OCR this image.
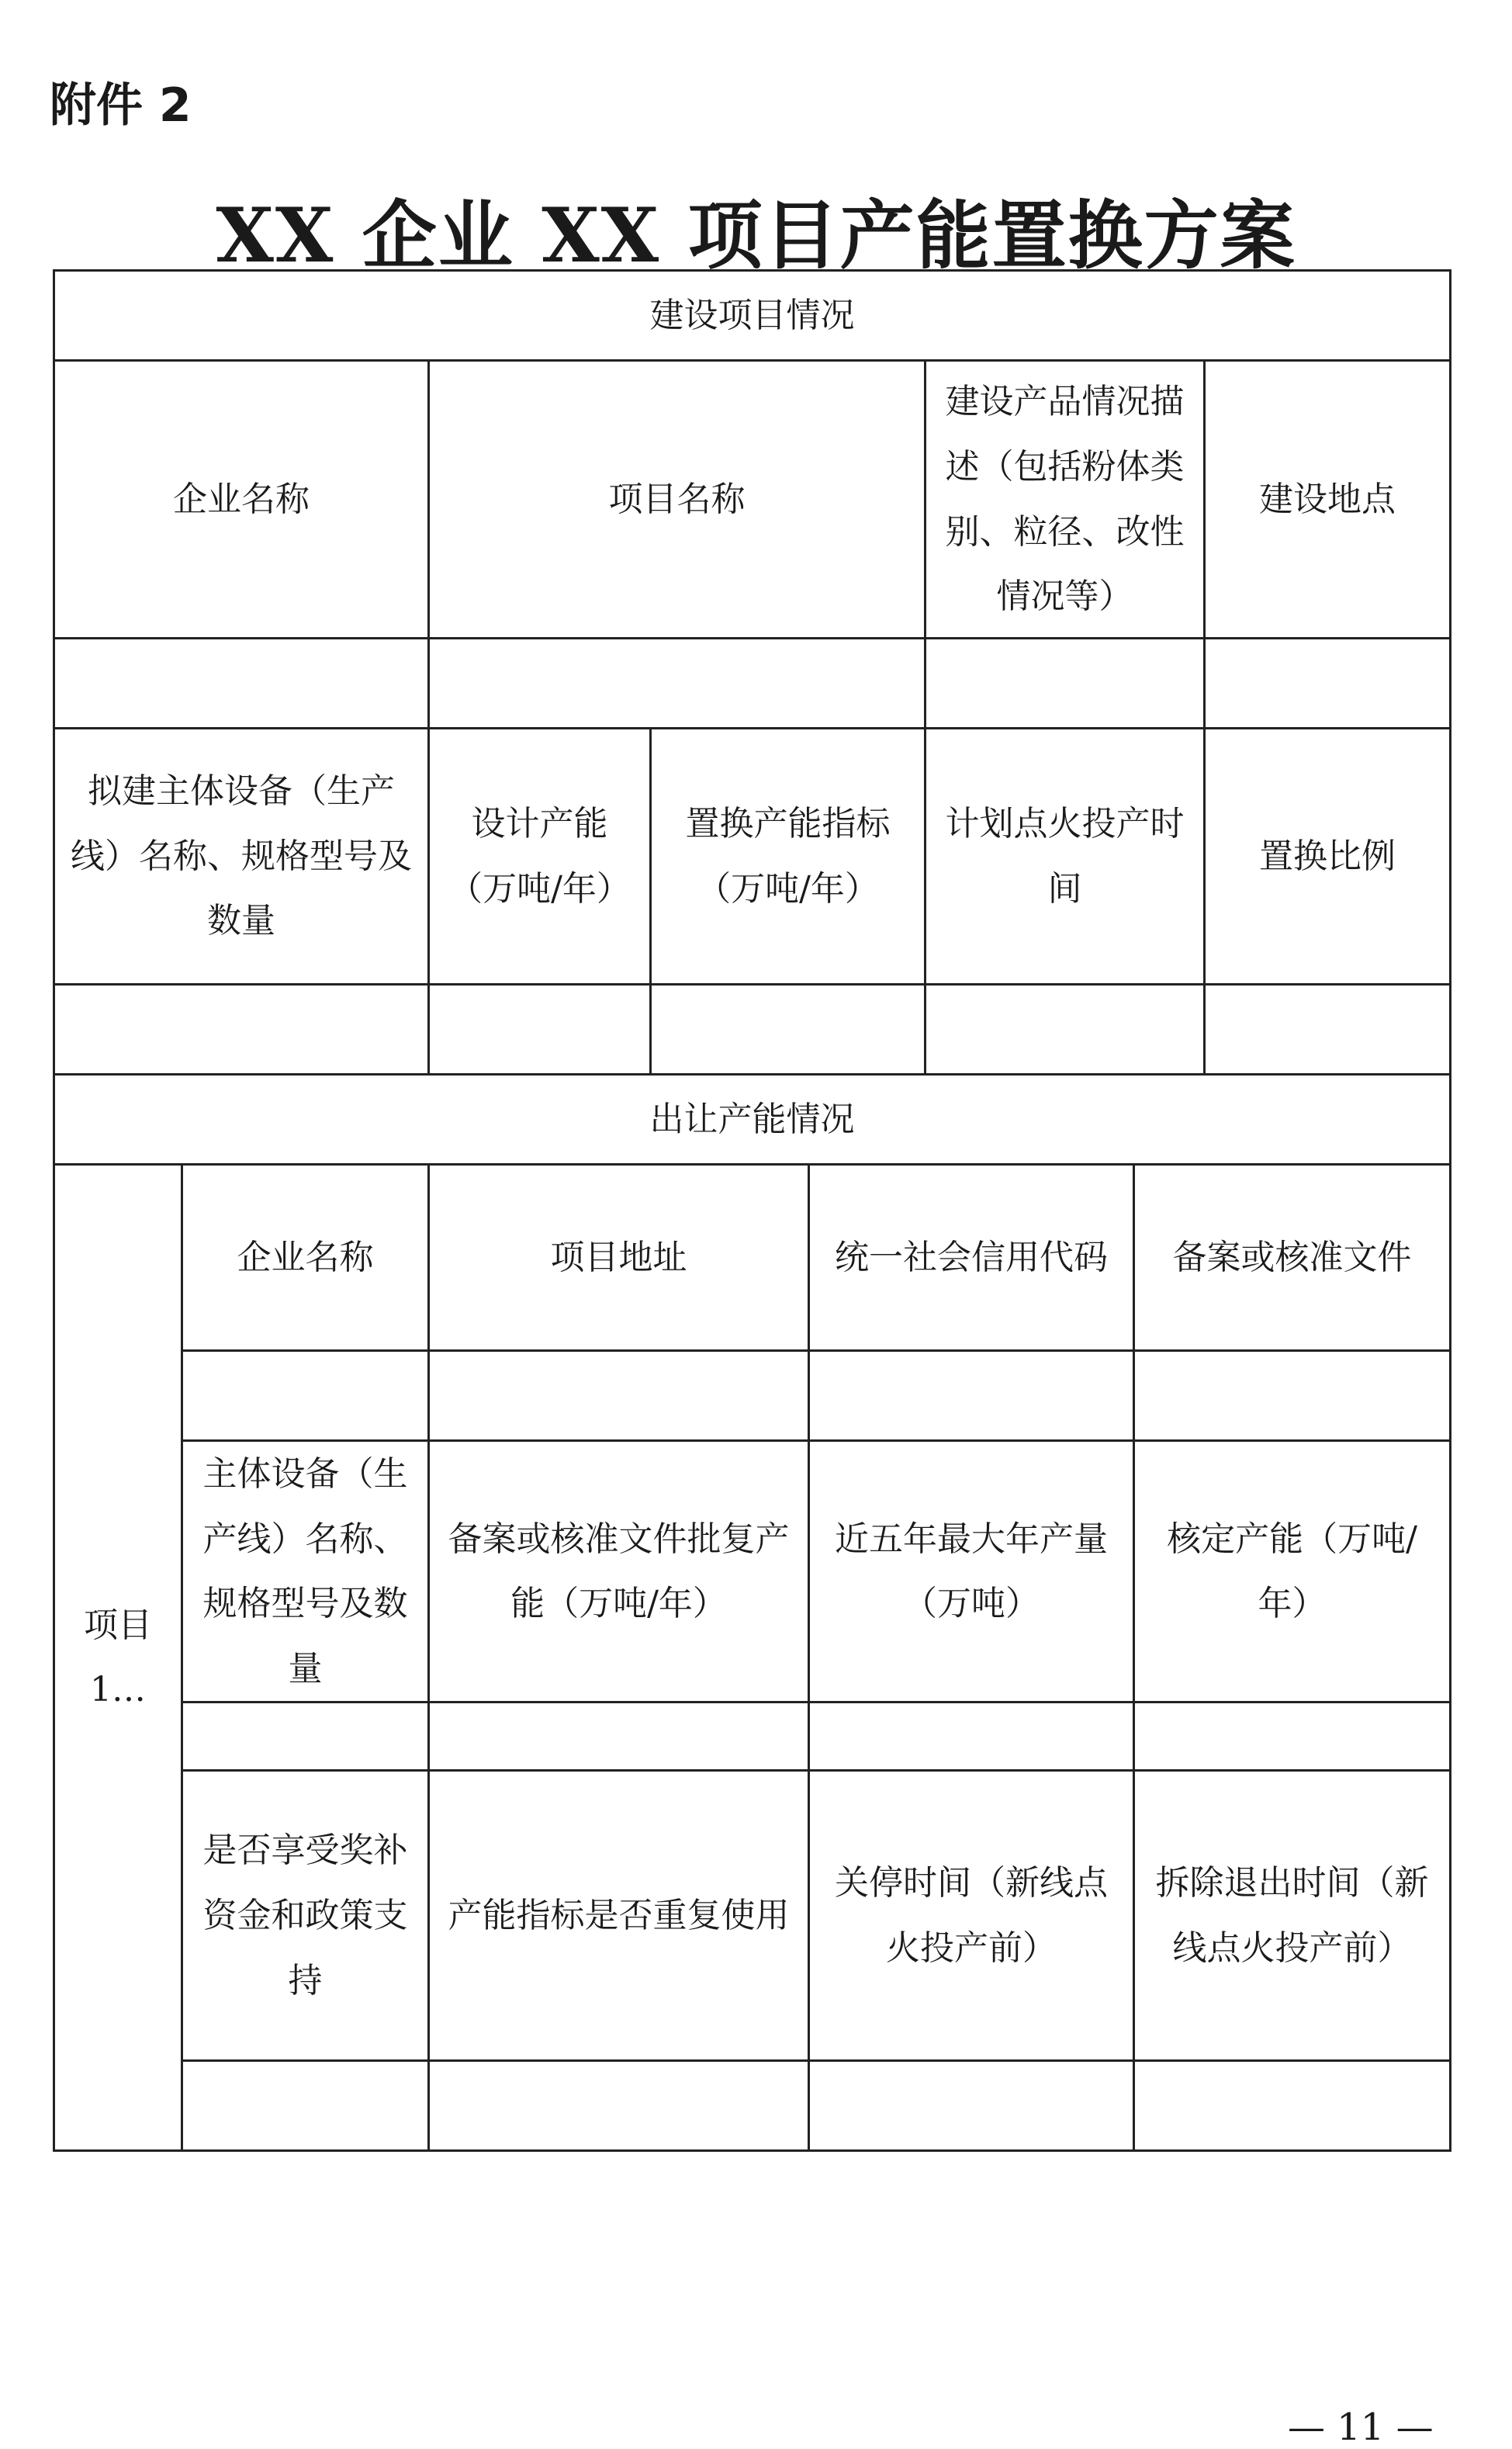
附件 2
XX 企业 XX 项目产能置换方案
建设项目情况							
企业名称		项目名称			建设产品情况描述（包括粉体类别、粒径、改性情况等）		建设地点

拟建主体设备（生产线）名称、规格型号及数量		设计产能（万吨/年）	置换产能指标（万吨/年）		计划点火投产时间		置换比例

出让产能情况							
项目1…	企业名称	项目地址		统一社会信用代码		备案或核准文件	

	主体设备（生产线）名称、规格型号及数量	备案或核准文件批复产能（万吨/年）		近五年最大年产量（万吨）		核定产能（万吨/年）	

	是否享受奖补资金和政策支持	产能指标是否重复使用		关停时间（新线点火投产前）		拆除退出时间（新线点火投产前）	

— 11 —
